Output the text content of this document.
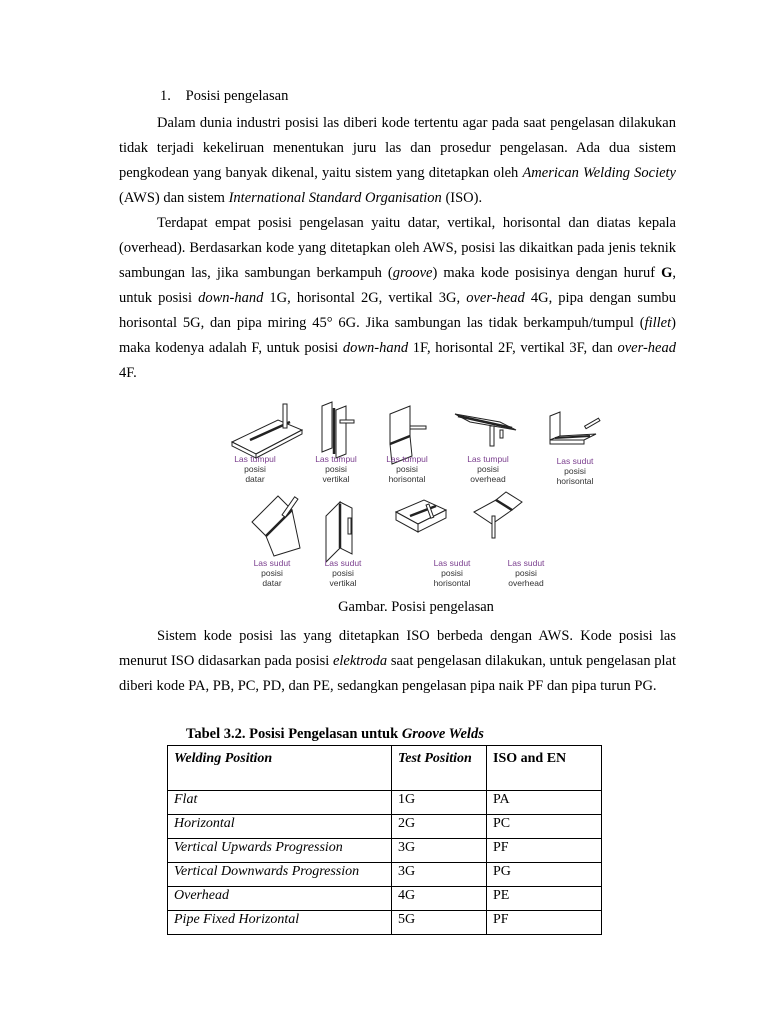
1. Posisi pengelasan

Dalam dunia industri posisi las diberi kode tertentu agar pada saat pengelasan dilakukan tidak terjadi kekeliruan menentukan juru las dan prosedur pengelasan. Ada dua sistem pengkodean yang banyak dikenal, yaitu sistem yang ditetapkan oleh American Welding Society (AWS) dan sistem International Standard Organisation (ISO).

Terdapat empat posisi pengelasan yaitu datar, vertikal, horisontal dan diatas kepala (overhead). Berdasarkan kode yang ditetapkan oleh AWS, posisi las dikaitkan pada jenis teknik sambungan las, jika sambungan berkampuh (groove) maka kode posisinya dengan huruf G, untuk posisi down-hand 1G, horisontal 2G, vertikal 3G, over-head 4G, pipa dengan sumbu horisontal 5G, dan pipa miring 45° 6G. Jika sambungan las tidak berkampuh/tumpul (fillet) maka kodenya adalah F, untuk posisi down-hand 1F, horisontal 2F, vertikal 3F, dan over-head 4F.

Las tumpul
posisi
datar
Las tumpul
posisi
vertikal
Las tumpul
posisi
horisontal
Las tumpul
posisi
overhead
Las sudut
posisi
horisontal
Las sudut
posisi
datar
Las sudut
posisi
vertikal
Las sudut
posisi
horisontal
Las sudut
posisi
overhead
Gambar. Posisi pengelasan

Sistem kode posisi las yang ditetapkan ISO berbeda dengan AWS. Kode posisi las menurut ISO didasarkan pada posisi elektroda saat pengelasan dilakukan, untuk pengelasan plat diberi kode PA, PB, PC, PD, dan PE, sedangkan pengelasan pipa naik PF dan pipa turun PG.

Tabel 3.2. Posisi Pengelasan untuk Groove Welds
Welding Position	Test Position	ISO and EN
Flat	1G	PA
Horizontal	2G	PC
Vertical Upwards Progression	3G	PF
Vertical Downwards Progression	3G	PG
Overhead	4G	PE
Pipe Fixed Horizontal	5G	PF
